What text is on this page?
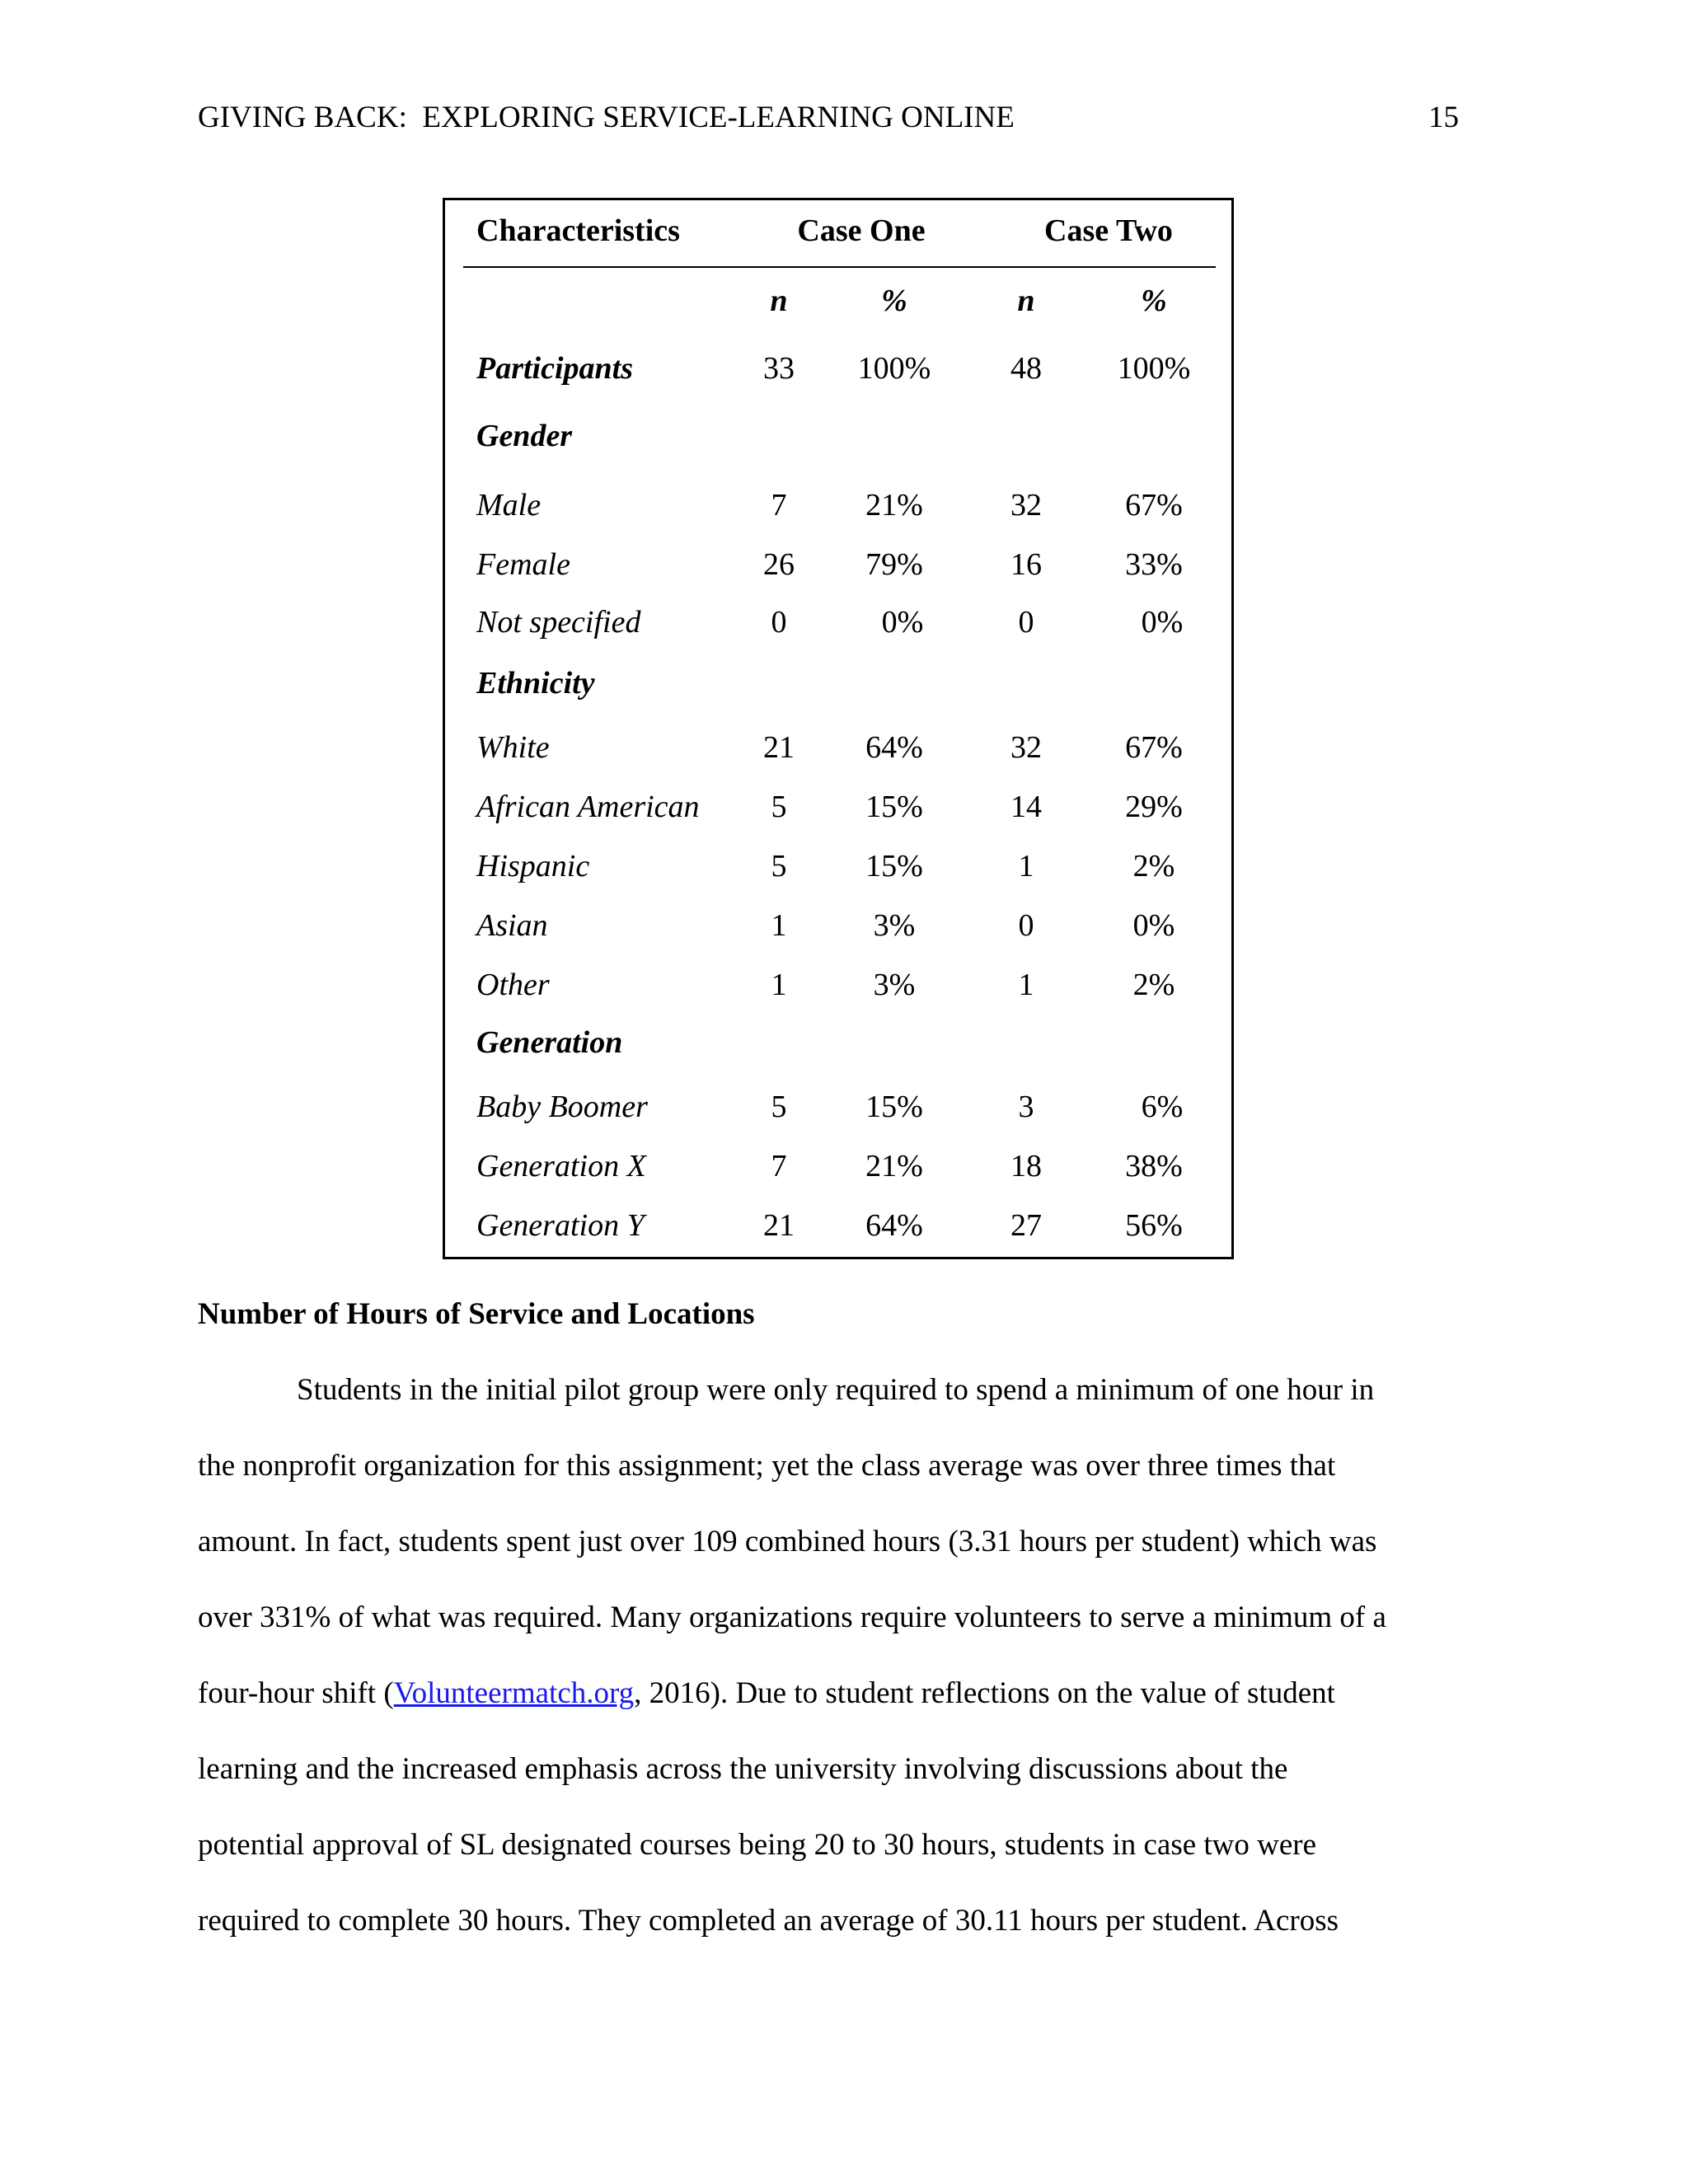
GIVING BACK:  EXPLORING SERVICE-LEARNING ONLINE	15
Characteristics	Case One	Case Two
n	%	n	%
Participants	33	100%	48	100%
Gender
Male	7	21%	32	67%
Female	26	79%	16	33%
Not specified	0	0%	0	0%
Ethnicity
White	21	64%	32	67%
African American	5	15%	14	29%
Hispanic	5	15%	1	2%
Asian	1	3%	0	0%
Other	1	3%	1	2%
Generation
Baby Boomer	5	15%	3	6%
Generation X	7	21%	18	38%
Generation Y	21	64%	27	56%
Number of Hours of Service and Locations
Students in the initial pilot group were only required to spend a minimum of one hour in
the nonprofit organization for this assignment; yet the class average was over three times that
amount. In fact, students spent just over 109 combined hours (3.31 hours per student) which was
over 331% of what was required. Many organizations require volunteers to serve a minimum of a
four-hour shift (Volunteermatch.org, 2016). Due to student reflections on the value of student
learning and the increased emphasis across the university involving discussions about the
potential approval of SL designated courses being 20 to 30 hours, students in case two were
required to complete 30 hours. They completed an average of 30.11 hours per student. Across
